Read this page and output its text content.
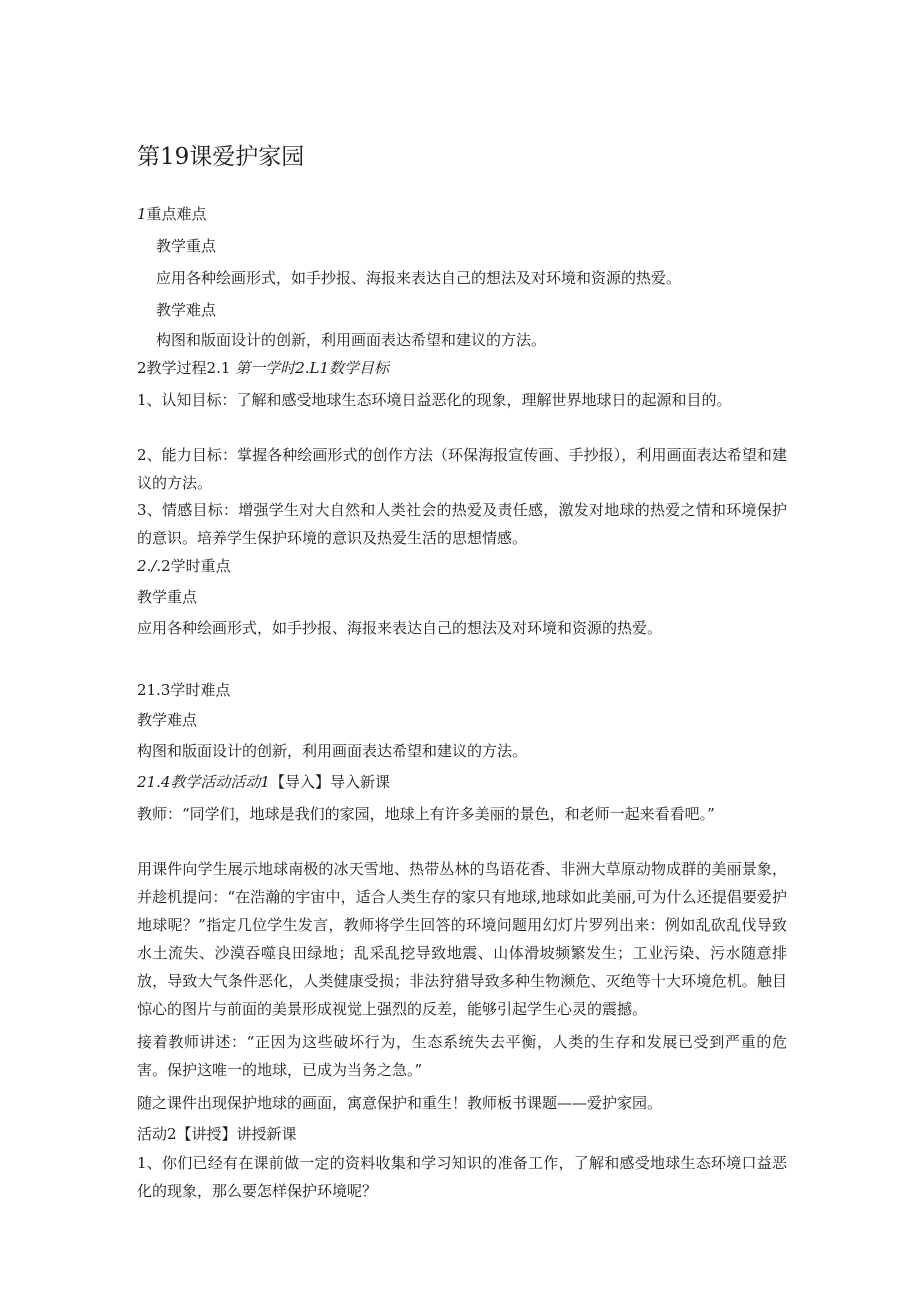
第19课爱护家园
1重点难点
教学重点
应用各种绘画形式，如手抄报、海报来表达自己的想法及对环境和资源的热爱。
教学难点
构图和版面设计的创新，利用画面表达希望和建议的方法。
2教学过程2.1 第一学时2.L1数学目标
1、认知目标：了解和感受地球生态环境日益恶化的现象，理解世界地球日的起源和目的。
2、能力目标：掌握各种绘画形式的创作方法（环保海报宣传画、手抄报），利用画面表达希望和建议的方法。
3、情感目标：增强学生对大自然和人类社会的热爱及责任感，激发对地球的热爱之情和环境保护的意识。培养学生保护环境的意识及热爱生活的思想情感。
2./.2学时重点
教学重点
应用各种绘画形式，如手抄报、海报来表达自己的想法及对环境和资源的热爱。
21.3学时难点
教学难点
构图和版面设计的创新，利用画面表达希望和建议的方法。
21.4教学活动活动1【导入】导入新课
教师：“同学们，地球是我们的家园，地球上有许多美丽的景色，和老师一起来看看吧。”
用课件向学生展示地球南极的冰天雪地、热带丛林的鸟语花香、非洲大草原动物成群的美丽景象，并趁机提问：“在浩瀚的宇宙中，适合人类生存的家只有地球,地球如此美丽,可为什么还提倡要爱护地球呢？”指定几位学生发言，教师将学生回答的环境问题用幻灯片罗列出来：例如乱砍乱伐导致水土流失、沙漠吞噬良田绿地；乱采乱挖导致地震、山体滑坡频繁发生；工业污染、污水随意排放，导致大气条件恶化，人类健康受损；非法狩猎导致多种生物濒危、灭绝等十大环境危机。触目惊心的图片与前面的美景形成视觉上强烈的反差，能够引起学生心灵的震撼。
接着教师讲述：“正因为这些破坏行为，生态系统失去平衡，人类的生存和发展已受到严重的危害。保护这唯一的地球，已成为当务之急。”
随之课件出现保护地球的画面，寓意保护和重生！教师板书课题——爱护家园。
活动2【讲授】讲授新课
1、你们已经有在课前做一定的资料收集和学习知识的准备工作，了解和感受地球生态环境口益恶化的现象，那么要怎样保护环境呢？
